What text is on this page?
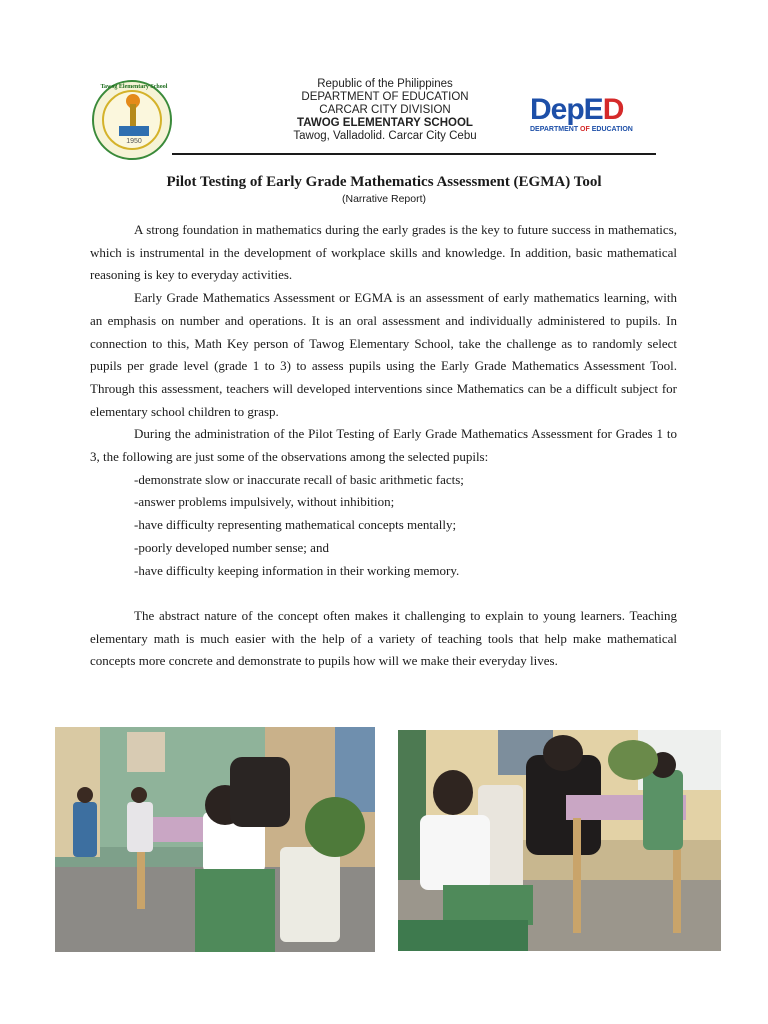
Tawog Elementary School
1950
Republic of the Philippines
DEPARTMENT OF EDUCATION
CARCAR CITY DIVISION
TAWOG ELEMENTARY SCHOOL
Tawog, Valladolid. Carcar City Cebu
DepED
DEPARTMENT OF EDUCATION
Pilot Testing of Early Grade Mathematics Assessment (EGMA) Tool
(Narrative Report)

A strong foundation in mathematics during the early grades is the key to future success in mathematics, which is instrumental in the development of workplace skills and knowledge. In addition, basic mathematical reasoning is key to everyday activities.

Early Grade Mathematics Assessment or EGMA is an assessment of early mathematics learning, with an emphasis on number and operations. It is an oral assessment and individually administered to pupils. In connection to this, Math Key person of Tawog Elementary School, take the challenge as to randomly select pupils per grade level (grade 1 to 3) to assess pupils using the Early Grade Mathematics Assessment Tool. Through this assessment, teachers will developed interventions since Mathematics can be a difficult subject for elementary school children to grasp.

During the administration of the Pilot Testing of Early Grade Mathematics Assessment for Grades 1 to 3, the following are just some of the observations among the selected pupils:

-demonstrate slow or inaccurate recall of basic arithmetic facts;
-answer problems impulsively, without inhibition;
-have difficulty representing mathematical concepts mentally;
-poorly developed number sense; and
-have difficulty keeping information in their working memory.

The abstract nature of the concept often makes it challenging to explain to young learners. Teaching elementary math is much easier with the help of a variety of teaching tools that help make mathematical concepts more concrete and demonstrate to pupils how will we make their everyday lives.
